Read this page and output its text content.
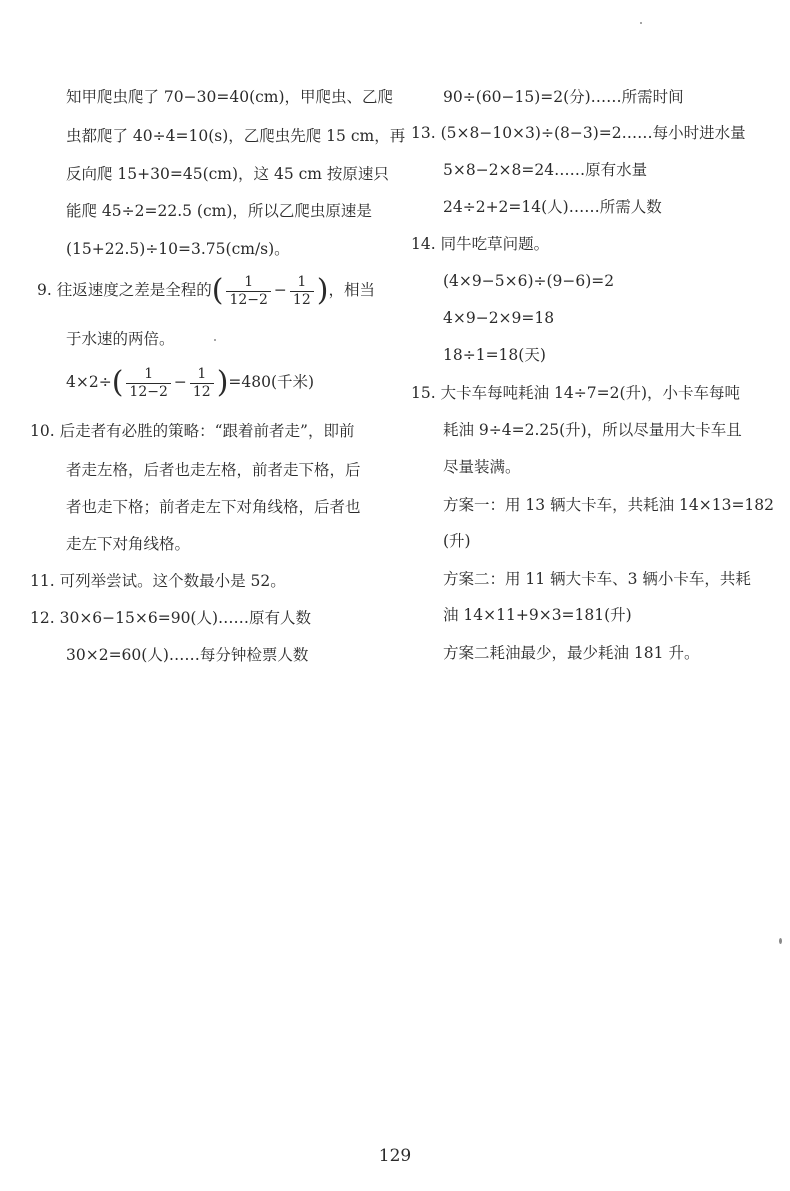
知甲爬虫爬了 70−30=40(cm)，甲爬虫、乙爬
虫都爬了 40÷4=10(s)，乙爬虫先爬 15 cm，再
反向爬 15+30=45(cm)，这 45 cm 按原速只
能爬 45÷2=22.5 (cm)，所以乙爬虫原速是
(15+22.5)÷10=3.75(cm/s)。
9. 往返速度之差是全程的( $\frac{1}{12-2} - \frac{1}{12}$ )，相当
于水速的两倍。
$4\times 2\div( \frac{1}{12-2} - \frac{1}{12} )=480$(千米)
10. 后走者有必胜的策略：“跟着前者走”，即前
者走左格，后者也走左格，前者走下格，后
者也走下格；前者走左下对角线格，后者也
走左下对角线格。
11. 可列举尝试。这个数最小是 52。
12. 30×6−15×6=90(人)……原有人数
30×2=60(人)……每分钟检票人数
90÷(60−15)=2(分)……所需时间
13. (5×8−10×3)÷(8−3)=2……每小时进水量
5×8−2×8=24……原有水量
24÷2+2=14(人)……所需人数
14. 同牛吃草问题。
(4×9−5×6)÷(9−6)=2
4×9−2×9=18
18÷1=18(天)
15. 大卡车每吨耗油 14÷7=2(升)，小卡车每吨
耗油 9÷4=2.25(升)，所以尽量用大卡车且
尽量装满。
方案一：用 13 辆大卡车，共耗油 14×13=182
(升)
方案二：用 11 辆大卡车、3 辆小卡车，共耗
油 14×11+9×3=181(升)
方案二耗油最少，最少耗油 181 升。
129
